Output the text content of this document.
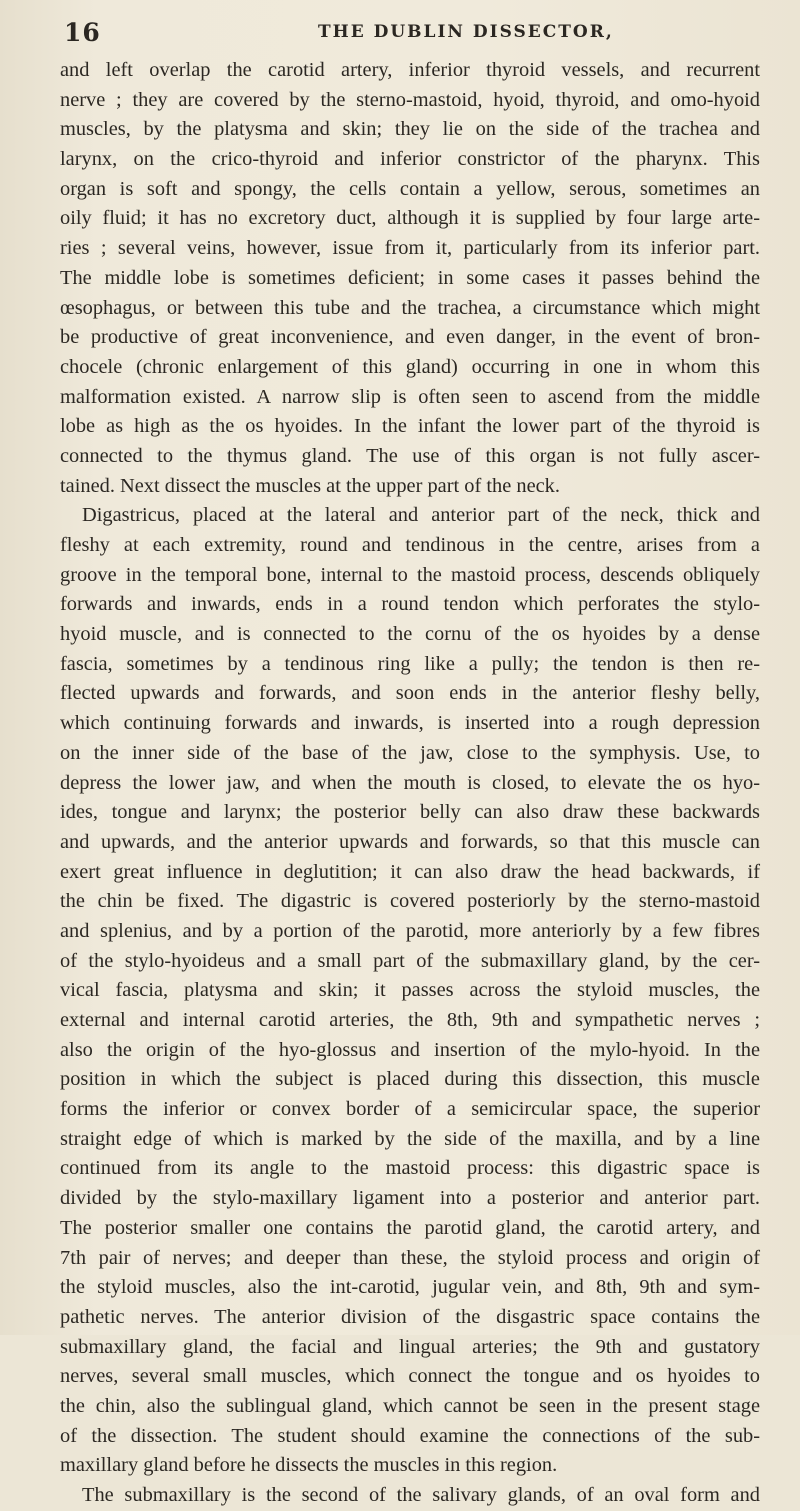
16	THE DUBLIN DISSECTOR,
and left overlap the carotid artery, inferior thyroid vessels, and recurrent
nerve ; they are covered by the sterno-mastoid, hyoid, thyroid, and omo-hyoid
muscles, by the platysma and skin; they lie on the side of the trachea and
larynx, on the crico-thyroid and inferior constrictor of the pharynx. This
organ is soft and spongy, the cells contain a yellow, serous, sometimes an
oily fluid; it has no excretory duct, although it is supplied by four large arte-
ries ; several veins, however, issue from it, particularly from its inferior part.
The middle lobe is sometimes deficient; in some cases it passes behind the
œsophagus, or between this tube and the trachea, a circumstance which might
be productive of great inconvenience, and even danger, in the event of bron-
chocele (chronic enlargement of this gland) occurring in one in whom this
malformation existed. A narrow slip is often seen to ascend from the middle
lobe as high as the os hyoides. In the infant the lower part of the thyroid is
connected to the thymus gland. The use of this organ is not fully ascer-
tained. Next dissect the muscles at the upper part of the neck.
Digastricus, placed at the lateral and anterior part of the neck, thick and
fleshy at each extremity, round and tendinous in the centre, arises from a
groove in the temporal bone, internal to the mastoid process, descends obliquely
forwards and inwards, ends in a round tendon which perforates the stylo-
hyoid muscle, and is connected to the cornu of the os hyoides by a dense
fascia, sometimes by a tendinous ring like a pully; the tendon is then re-
flected upwards and forwards, and soon ends in the anterior fleshy belly,
which continuing forwards and inwards, is inserted into a rough depression
on the inner side of the base of the jaw, close to the symphysis. Use, to
depress the lower jaw, and when the mouth is closed, to elevate the os hyo-
ides, tongue and larynx; the posterior belly can also draw these backwards
and upwards, and the anterior upwards and forwards, so that this muscle can
exert great influence in deglutition; it can also draw the head backwards, if
the chin be fixed. The digastric is covered posteriorly by the sterno-mastoid
and splenius, and by a portion of the parotid, more anteriorly by a few fibres
of the stylo-hyoideus and a small part of the submaxillary gland, by the cer-
vical fascia, platysma and skin; it passes across the styloid muscles, the
external and internal carotid arteries, the 8th, 9th and sympathetic nerves ;
also the origin of the hyo-glossus and insertion of the mylo-hyoid. In the
position in which the subject is placed during this dissection, this muscle
forms the inferior or convex border of a semicircular space, the superior
straight edge of which is marked by the side of the maxilla, and by a line
continued from its angle to the mastoid process: this digastric space is
divided by the stylo-maxillary ligament into a posterior and anterior part.
The posterior smaller one contains the parotid gland, the carotid artery, and
7th pair of nerves; and deeper than these, the styloid process and origin of
the styloid muscles, also the int-carotid, jugular vein, and 8th, 9th and sym-
pathetic nerves. The anterior division of the disgastric space contains the
submaxillary gland, the facial and lingual arteries; the 9th and gustatory
nerves, several small muscles, which connect the tongue and os hyoides to
the chin, also the sublingual gland, which cannot be seen in the present stage
of the dissection. The student should examine the connections of the sub-
maxillary gland before he dissects the muscles in this region.
The submaxillary is the second of the salivary glands, of an oval form and
